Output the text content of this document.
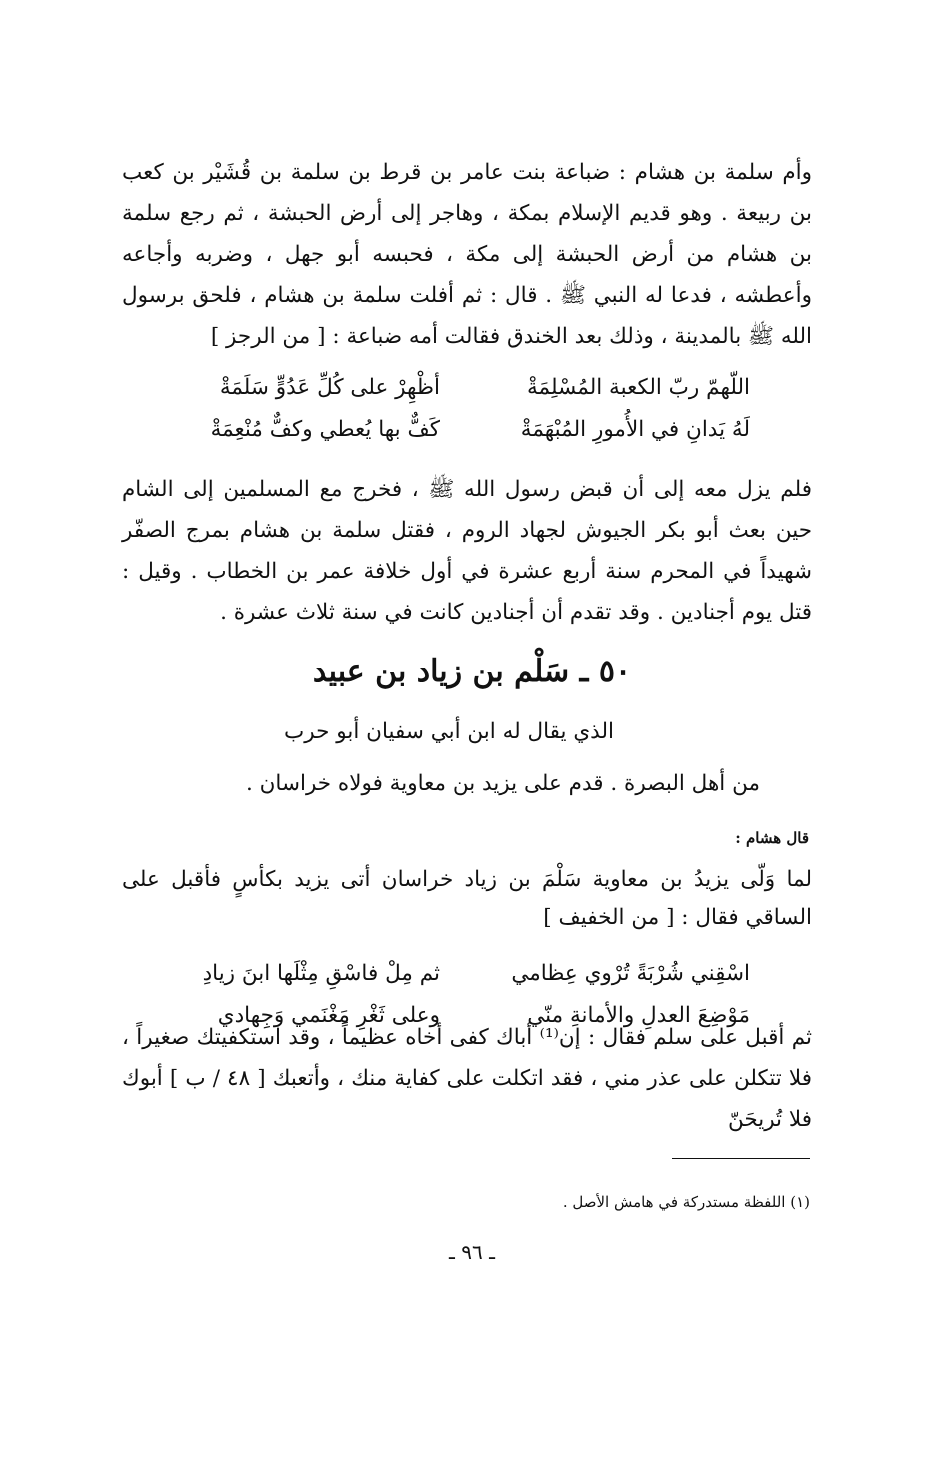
وأم سلمة بن هشام : ضباعة بنت عامر بن قرط بن سلمة بن قُشَيْر بن كعب بن ربيعة . وهو قديم الإسلام بمكة ، وهاجر إلى أرض الحبشة ، ثم رجع سلمة بن هشام من أرض الحبشة إلى مكة ، فحبسه أبو جهل ، وضربه وأجاعه وأعطشه ، فدعا له النبي ﷺ . قال : ثم أفلت سلمة بن هشام ، فلحق برسول الله ﷺ بالمدينة ، وذلك بعد الخندق فقالت أمه ضباعة : [ من الرجز ]

اللّهمّ ربّ الكعبة المُسْلِمَةْ
أظْهِرْ على كُلِّ عَدُوٍّ سَلَمَةْ
لَهُ يَدانِ في الأُمورِ المُبْهَمَةْ
كَفٌّ بها يُعطي وكفٌّ مُنْعِمَةْ

فلم يزل معه إلى أن قبض رسول الله ﷺ ، فخرج مع المسلمين إلى الشام حين بعث أبو بكر الجيوش لجهاد الروم ، فقتل سلمة بن هشام بمرج الصفّر شهيداً في المحرم سنة أربع عشرة في أول خلافة عمر بن الخطاب . وقيل : قتل يوم أجنادين . وقد تقدم أن أجنادين كانت في سنة ثلاث عشرة .

٥٠ ـ سَلْم بن زياد بن عبيد
الذي يقال له ابن أبي سفيان أبو حرب
من أهل البصرة . قدم على يزيد بن معاوية فولاه خراسان .
قال هشام :

لما وَلّى يزيدُ بن معاوية سَلْمَ بن زياد خراسان أتى يزيد بكأسٍ فأقبل على الساقي فقال : [ من الخفيف ]

اسْقِني شُرْبَةً تُرْوي عِظامي
ثم مِلْ فاسْقِ مِثْلَها ابنَ زيادِ
مَوْضِعَ العدلِ والأمانةِ منّي
وعلى ثَغْرِ مَغْنَمي وَجِهادي

ثم أقبل على سلم فقال : إن⁽¹⁾ أباك كفى أخاه عظيماً ، وقد استكفيتك صغيراً ، فلا تتكلن على عذر مني ، فقد اتكلت على كفاية منك ، وأتعبك [ ٤٨ / ب ] أبوك فلا تُريحَنّ

(١) اللفظة مستدركة في هامش الأصل .
ـ ٩٦ ـ
